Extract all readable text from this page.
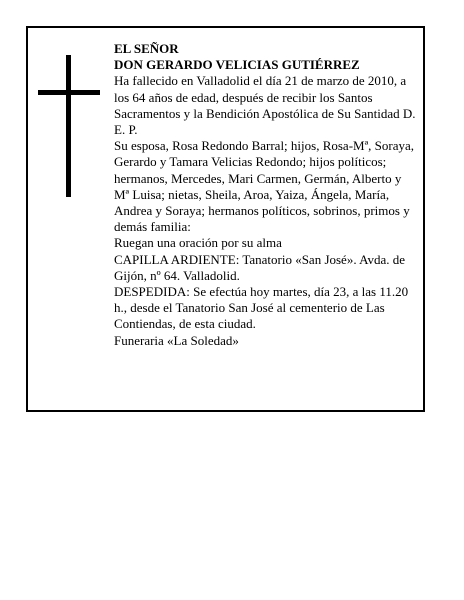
EL SEÑOR

DON GERARDO VELICIAS GUTIÉRREZ

Ha fallecido en Valladolid el día 21 de marzo de 2010, a los 64 años de edad, después de recibir los Santos Sacramentos y la Bendición Apostólica de Su Santidad D. E. P.

Su esposa, Rosa Redondo Barral; hijos, Rosa-Mª, Soraya, Gerardo y Tamara Velicias Redondo; hijos políticos; hermanos, Mercedes, Mari Carmen, Germán, Alberto y Mª Luisa; nietas, Sheila, Aroa, Yaiza, Ángela, María, Andrea y Soraya; hermanos políticos, sobrinos, primos y demás familia:

Ruegan una oración por su alma

CAPILLA ARDIENTE: Tanatorio «San José». Avda. de Gijón, nº 64. Valladolid.

DESPEDIDA: Se efectúa hoy martes, día 23, a las 11.20 h., desde el Tanatorio San José al cementerio de Las Contiendas, de esta ciudad.

Funeraria «La Soledad»
